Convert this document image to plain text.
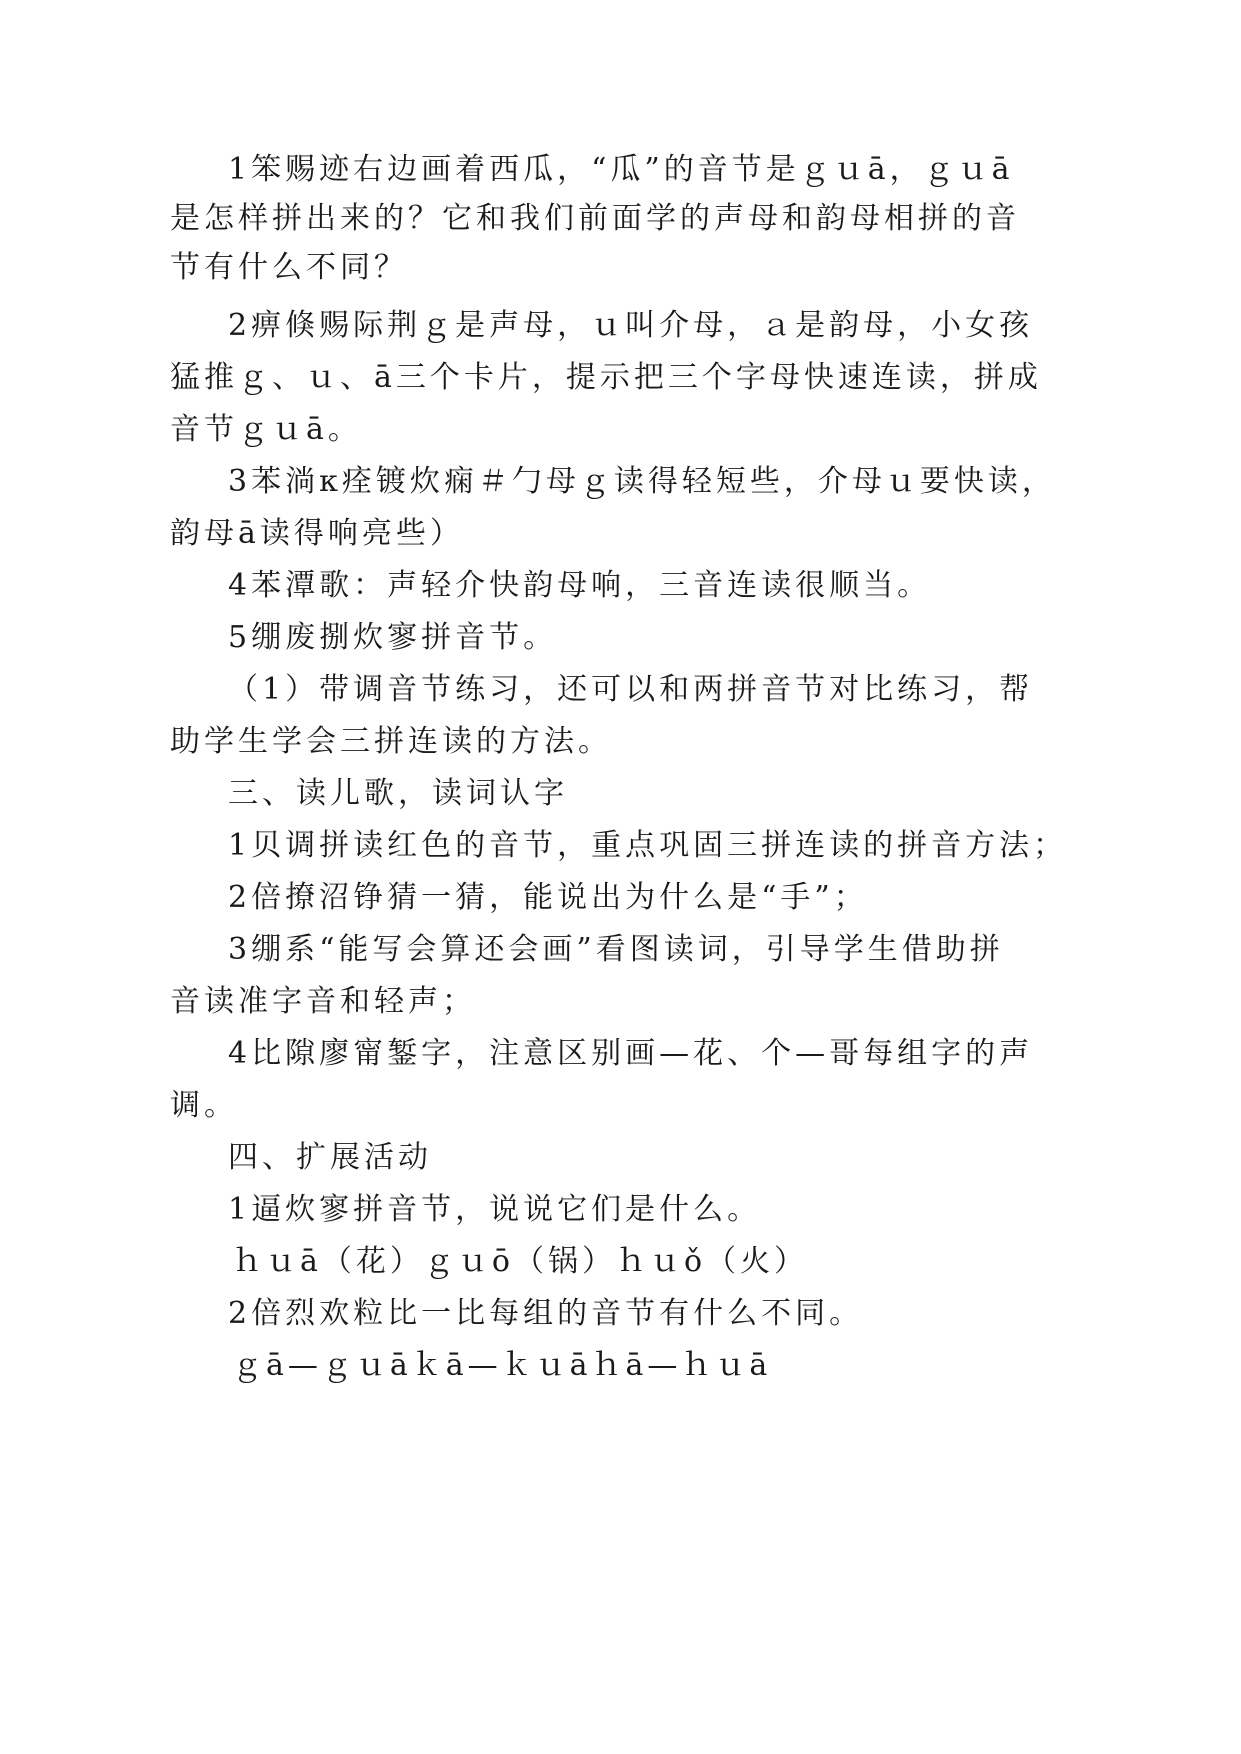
1笨赐迹右边画着西瓜，“瓜”的音节是ｇｕā，ｇｕā
是怎样拼出来的？它和我们前面学的声母和韵母相拼的音
节有什么不同？
2痹倏赐际荆ｇ是声母，ｕ叫介母，ａ是韵母，小女孩
猛推ｇ、ｕ、ā三个卡片，提示把三个字母快速连读，拼成
音节ｇｕā。
3苯淌κ痊镀炊痫＃勹母ｇ读得轻短些，介母ｕ要快读，
韵母ā读得响亮些）
4苯潭歌：声轻介快韵母响，三音连读很顺当。
5绷废捌炊寥拼音节。
（1）带调音节练习，还可以和两拼音节对比练习，帮
助学生学会三拼连读的方法。
三、读儿歌，读词认字
1贝调拼读红色的音节，重点巩固三拼连读的拼音方法；
2倍撩沼铮猜一猜，能说出为什么是“手”；
3绷系“能写会算还会画”看图读词，引导学生借助拼
音读准字音和轻声；
4比隙廖甯錾字，注意区别画—花、个—哥每组字的声
调。
四、扩展活动
1逼炊寥拼音节，说说它们是什么。
ｈｕā（花）ｇｕō（锅）ｈｕǒ（火）
2倍烈欢粒比一比每组的音节有什么不同。
ｇā—ｇｕāｋā—ｋｕāｈā—ｈｕā
